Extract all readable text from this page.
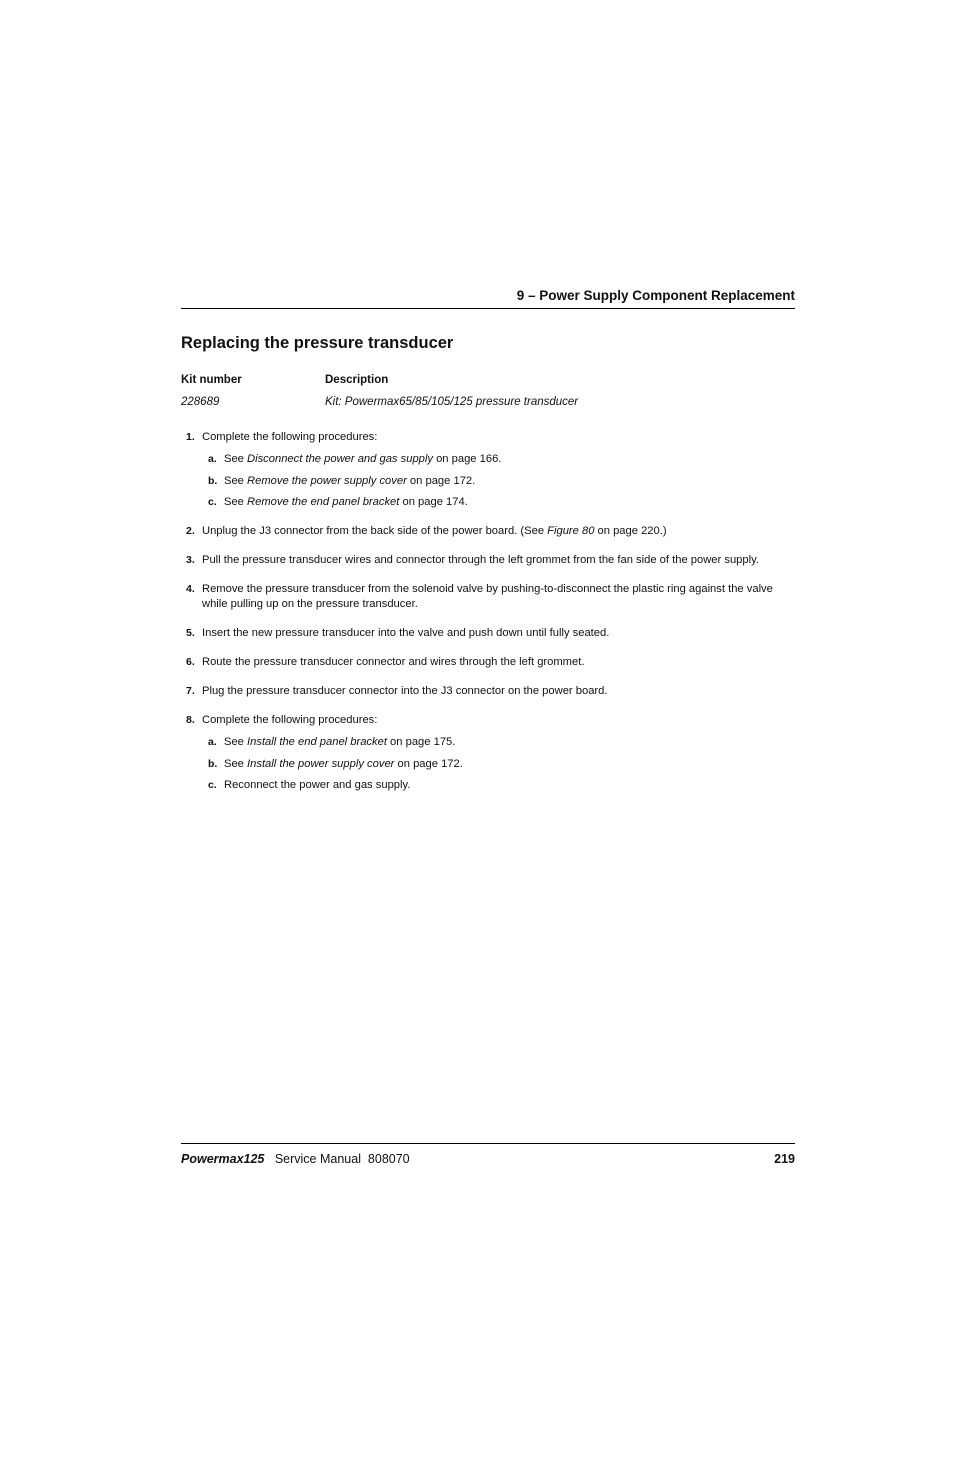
9 – Power Supply Component Replacement
Replacing the pressure transducer
Kit number	Description
228689	Kit: Powermax65/85/105/125 pressure transducer
1. Complete the following procedures:
a. See Disconnect the power and gas supply on page 166.
b. See Remove the power supply cover on page 172.
c. See Remove the end panel bracket on page 174.
2. Unplug the J3 connector from the back side of the power board. (See Figure 80 on page 220.)
3. Pull the pressure transducer wires and connector through the left grommet from the fan side of the power supply.
4. Remove the pressure transducer from the solenoid valve by pushing-to-disconnect the plastic ring against the valve while pulling up on the pressure transducer.
5. Insert the new pressure transducer into the valve and push down until fully seated.
6. Route the pressure transducer connector and wires through the left grommet.
7. Plug the pressure transducer connector into the J3 connector on the power board.
8. Complete the following procedures:
a. See Install the end panel bracket on page 175.
b. See Install the power supply cover on page 172.
c. Reconnect the power and gas supply.
Powermax125 Service Manual  808070	219
